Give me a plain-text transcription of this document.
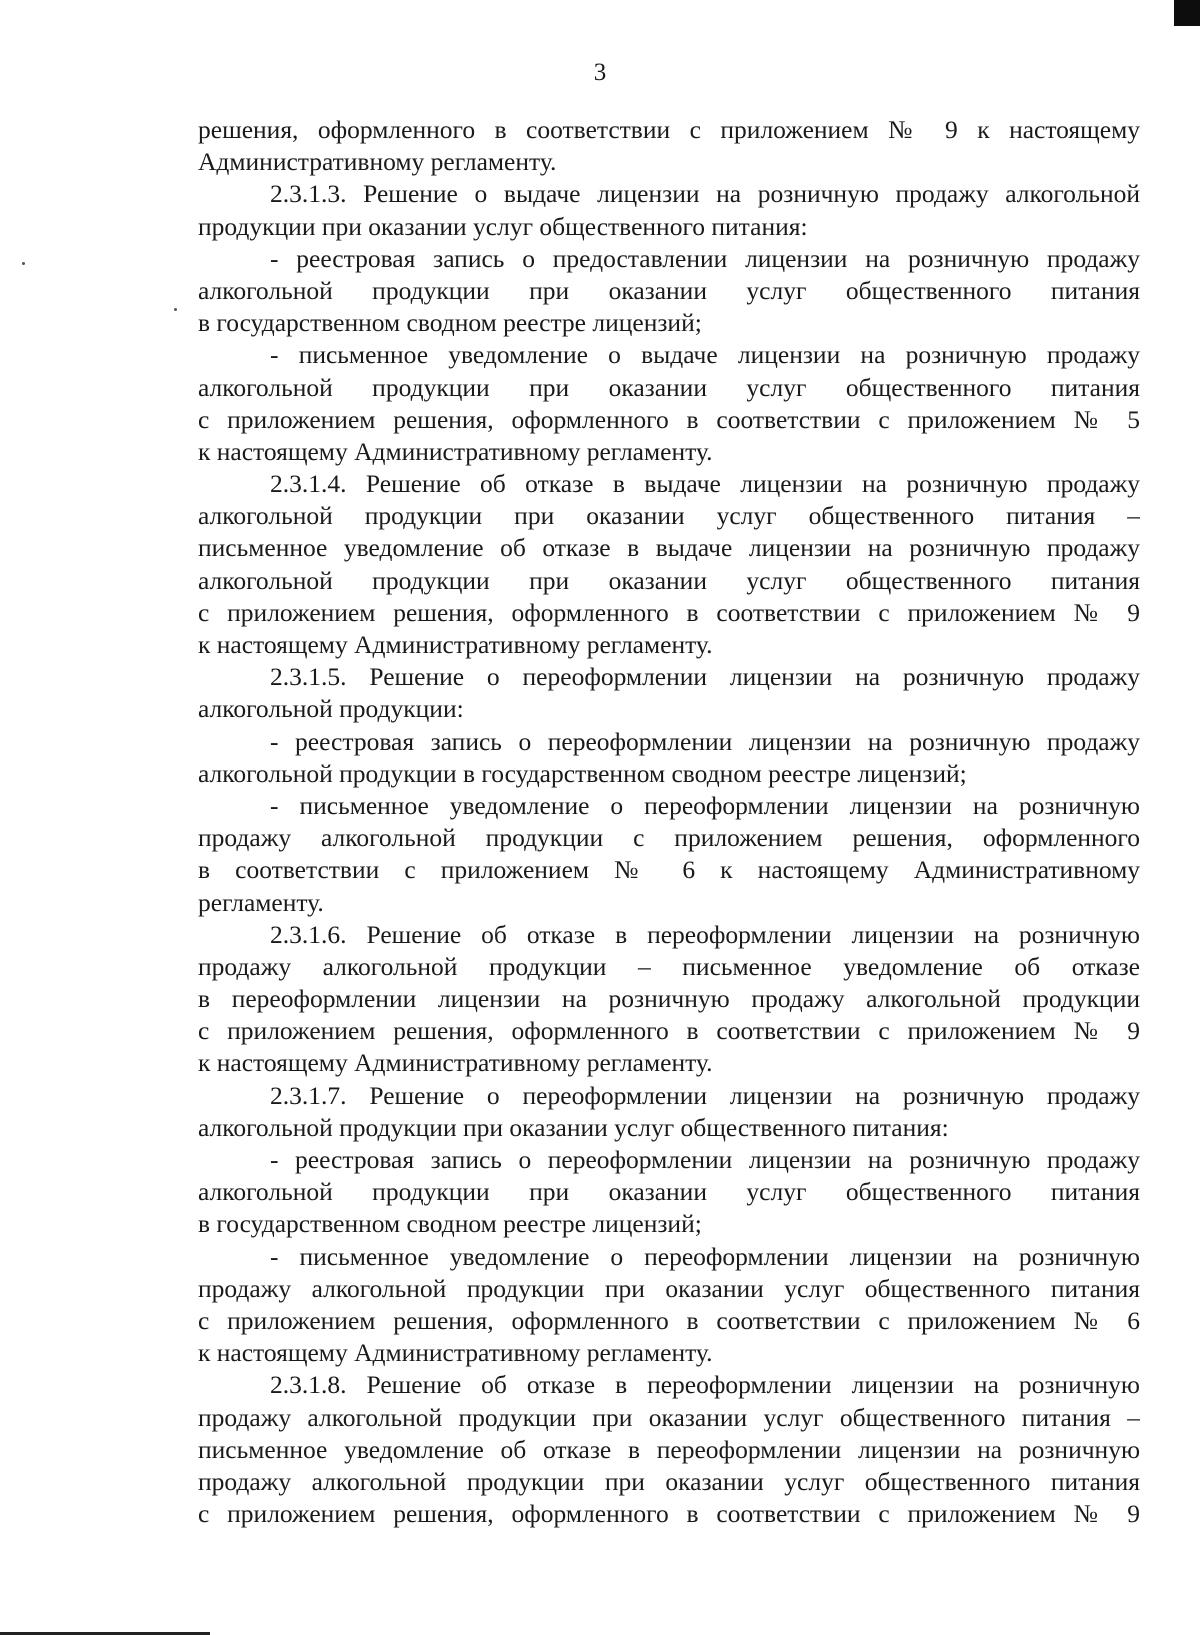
3
решения, оформленного в соответствии с приложением № 9 к настоящему
Административному регламенту.
2.3.1.3. Решение о выдаче лицензии на розничную продажу алкогольной
продукции при оказании услуг общественного питания:
- реестровая запись о предоставлении лицензии на розничную продажу
алкогольной продукции при оказании услуг общественного питания
в государственном сводном реестре лицензий;
- письменное уведомление о выдаче лицензии на розничную продажу
алкогольной продукции при оказании услуг общественного питания
с приложением решения, оформленного в соответствии с приложением № 5
к настоящему Административному регламенту.
2.3.1.4. Решение об отказе в выдаче лицензии на розничную продажу
алкогольной продукции при оказании услуг общественного питания –
письменное уведомление об отказе в выдаче лицензии на розничную продажу
алкогольной продукции при оказании услуг общественного питания
с приложением решения, оформленного в соответствии с приложением № 9
к настоящему Административному регламенту.
2.3.1.5. Решение о переоформлении лицензии на розничную продажу
алкогольной продукции:
- реестровая запись о переоформлении лицензии на розничную продажу
алкогольной продукции в государственном сводном реестре лицензий;
- письменное уведомление о переоформлении лицензии на розничную
продажу алкогольной продукции с приложением решения, оформленного
в соответствии с приложением № 6 к настоящему Административному
регламенту.
2.3.1.6. Решение об отказе в переоформлении лицензии на розничную
продажу алкогольной продукции – письменное уведомление об отказе
в переоформлении лицензии на розничную продажу алкогольной продукции
с приложением решения, оформленного в соответствии с приложением № 9
к настоящему Административному регламенту.
2.3.1.7. Решение о переоформлении лицензии на розничную продажу
алкогольной продукции при оказании услуг общественного питания:
- реестровая запись о переоформлении лицензии на розничную продажу
алкогольной продукции при оказании услуг общественного питания
в государственном сводном реестре лицензий;
- письменное уведомление о переоформлении лицензии на розничную
продажу алкогольной продукции при оказании услуг общественного питания
с приложением решения, оформленного в соответствии с приложением № 6
к настоящему Административному регламенту.
2.3.1.8. Решение об отказе в переоформлении лицензии на розничную
продажу алкогольной продукции при оказании услуг общественного питания –
письменное уведомление об отказе в переоформлении лицензии на розничную
продажу алкогольной продукции при оказании услуг общественного питания
с приложением решения, оформленного в соответствии с приложением № 9
